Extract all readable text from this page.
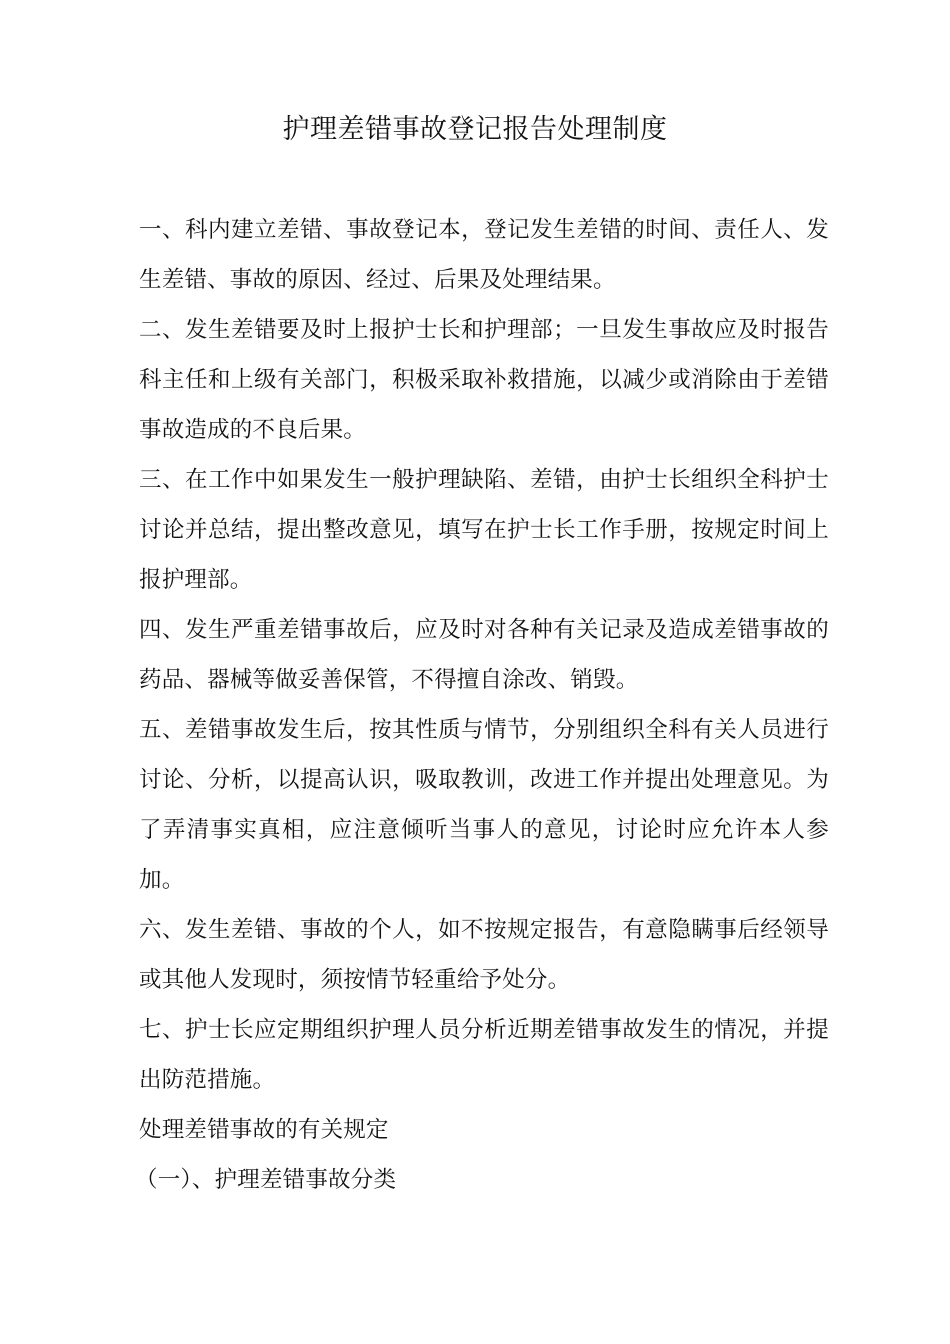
护理差错事故登记报告处理制度

一、科内建立差错、事故登记本，登记发生差错的时间、责任人、发生差错、事故的原因、经过、后果及处理结果。

二、发生差错要及时上报护士长和护理部；一旦发生事故应及时报告科主任和上级有关部门，积极采取补救措施，以减少或消除由于差错事故造成的不良后果。

三、在工作中如果发生一般护理缺陷、差错，由护士长组织全科护士讨论并总结，提出整改意见，填写在护士长工作手册，按规定时间上报护理部。

四、发生严重差错事故后，应及时对各种有关记录及造成差错事故的药品、器械等做妥善保管，不得擅自涂改、销毁。

五、差错事故发生后，按其性质与情节，分别组织全科有关人员进行讨论、分析，以提高认识，吸取教训，改进工作并提出处理意见。为了弄清事实真相，应注意倾听当事人的意见，讨论时应允许本人参加。

六、发生差错、事故的个人，如不按规定报告，有意隐瞒事后经领导或其他人发现时，须按情节轻重给予处分。

七、护士长应定期组织护理人员分析近期差错事故发生的情况，并提出防范措施。

处理差错事故的有关规定

（一）、护理差错事故分类
